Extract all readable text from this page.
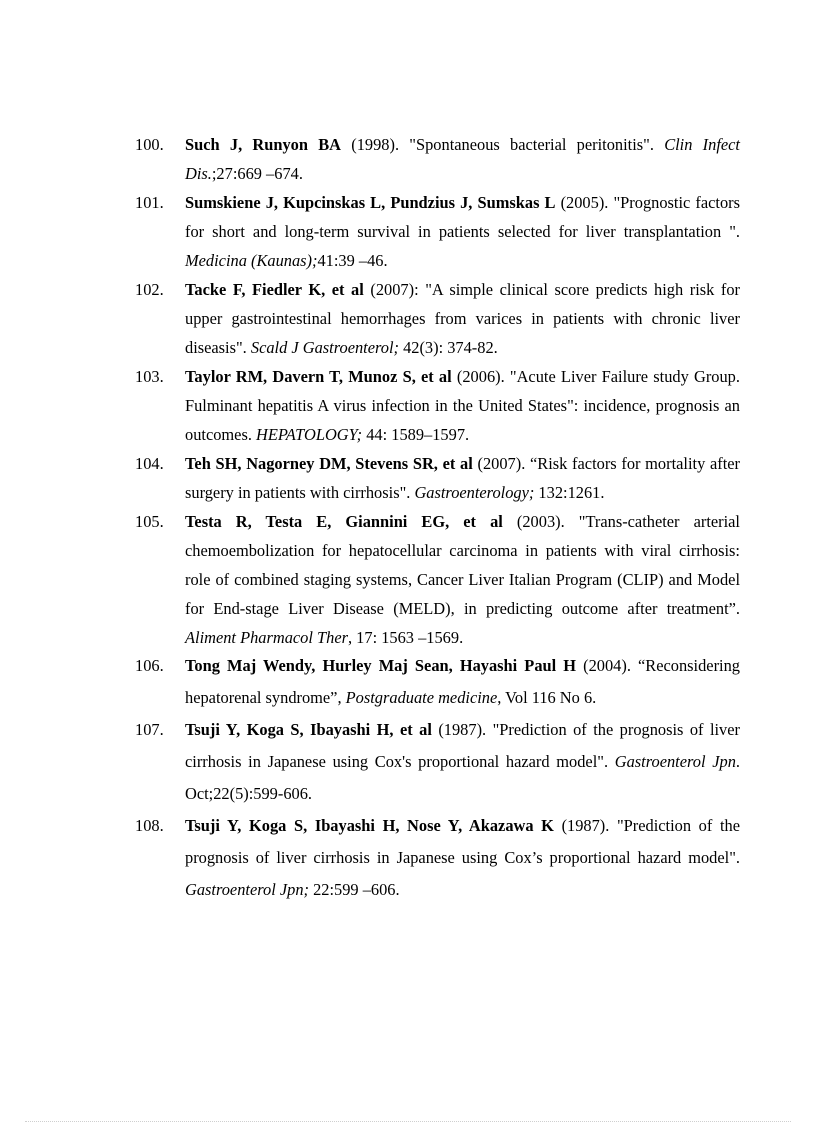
100.	Such J, Runyon BA (1998). "Spontaneous bacterial peritonitis". Clin Infect Dis.;27:669 –674.
101.	Sumskiene J, Kupcinskas L, Pundzius J, Sumskas L (2005). "Prognostic factors for short and long-term survival in patients selected for liver transplantation ". Medicina (Kaunas);41:39 –46.
102.	Tacke F, Fiedler K, et al (2007): "A simple clinical score predicts high risk for upper gastrointestinal hemorrhages from varices in patients with chronic liver diseasis". Scald J Gastroenterol; 42(3): 374-82.
103.	Taylor RM, Davern T, Munoz S, et al (2006). "Acute Liver Failure study Group. Fulminant hepatitis A virus infection in the United States": incidence, prognosis an outcomes. HEPATOLOGY; 44: 1589–1597.
104.	Teh SH, Nagorney DM, Stevens SR, et al (2007). “Risk factors for mortality after surgery in patients with cirrhosis". Gastroenterology; 132:1261.
105.	Testa R, Testa E, Giannini EG, et al (2003). "Trans-catheter arterial chemoembolization for hepatocellular carcinoma in patients with viral cirrhosis: role of combined staging systems, Cancer Liver Italian Program (CLIP) and Model for End-stage Liver Disease (MELD), in predicting outcome after treatment”. Aliment Pharmacol Ther, 17: 1563 –1569.
106.	Tong Maj Wendy, Hurley Maj Sean, Hayashi Paul H (2004). “Reconsidering hepatorenal syndrome”, Postgraduate medicine, Vol 116 No 6.
107.	Tsuji Y, Koga S, Ibayashi H, et al (1987). "Prediction of the prognosis of liver cirrhosis in Japanese using Cox's proportional hazard model". Gastroenterol Jpn. Oct;22(5):599-606.
108.	Tsuji Y, Koga S, Ibayashi H, Nose Y, Akazawa K (1987). "Prediction of the prognosis of liver cirrhosis in Japanese using Cox’s proportional hazard model". Gastroenterol Jpn; 22:599 –606.
